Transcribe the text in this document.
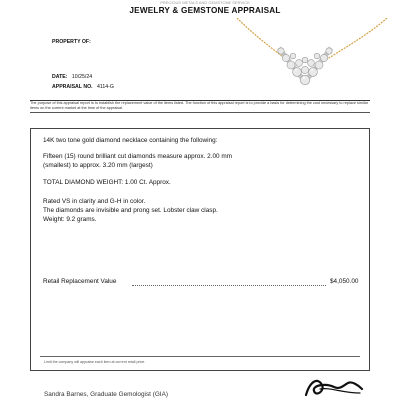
PRECIOUS METALS AND GEMSTONE SERVICE
JEWELRY & GEMSTONE APPRAISAL
PROPERTY OF:
DATE: 10/25/24
APPRAISAL NO. 4114-G
The purpose of this appraisal report is to establish the replacement value of the items listed. The function of this appraisal report is to provide a basis for determining the cost necessary to replace similar items on the current market at the time of the appraisal.
14K two tone gold diamond necklace containing the following:
Fifteen (15) round brilliant cut diamonds measure approx. 2.00 mm
(smallest) to approx. 3.20 mm (largest)
TOTAL DIAMOND WEIGHT: 1.00 Ct. Approx.
Rated VS in clarity and G-H in color.
The diamonds are invisible and prong set. Lobster claw clasp.
Weight: 9.2 grams.
Retail Replacement Value	$4,050.00
Limit the company will appraise each item at current retail price.
Sandra Barnes, Graduate Gemologist (GIA)
